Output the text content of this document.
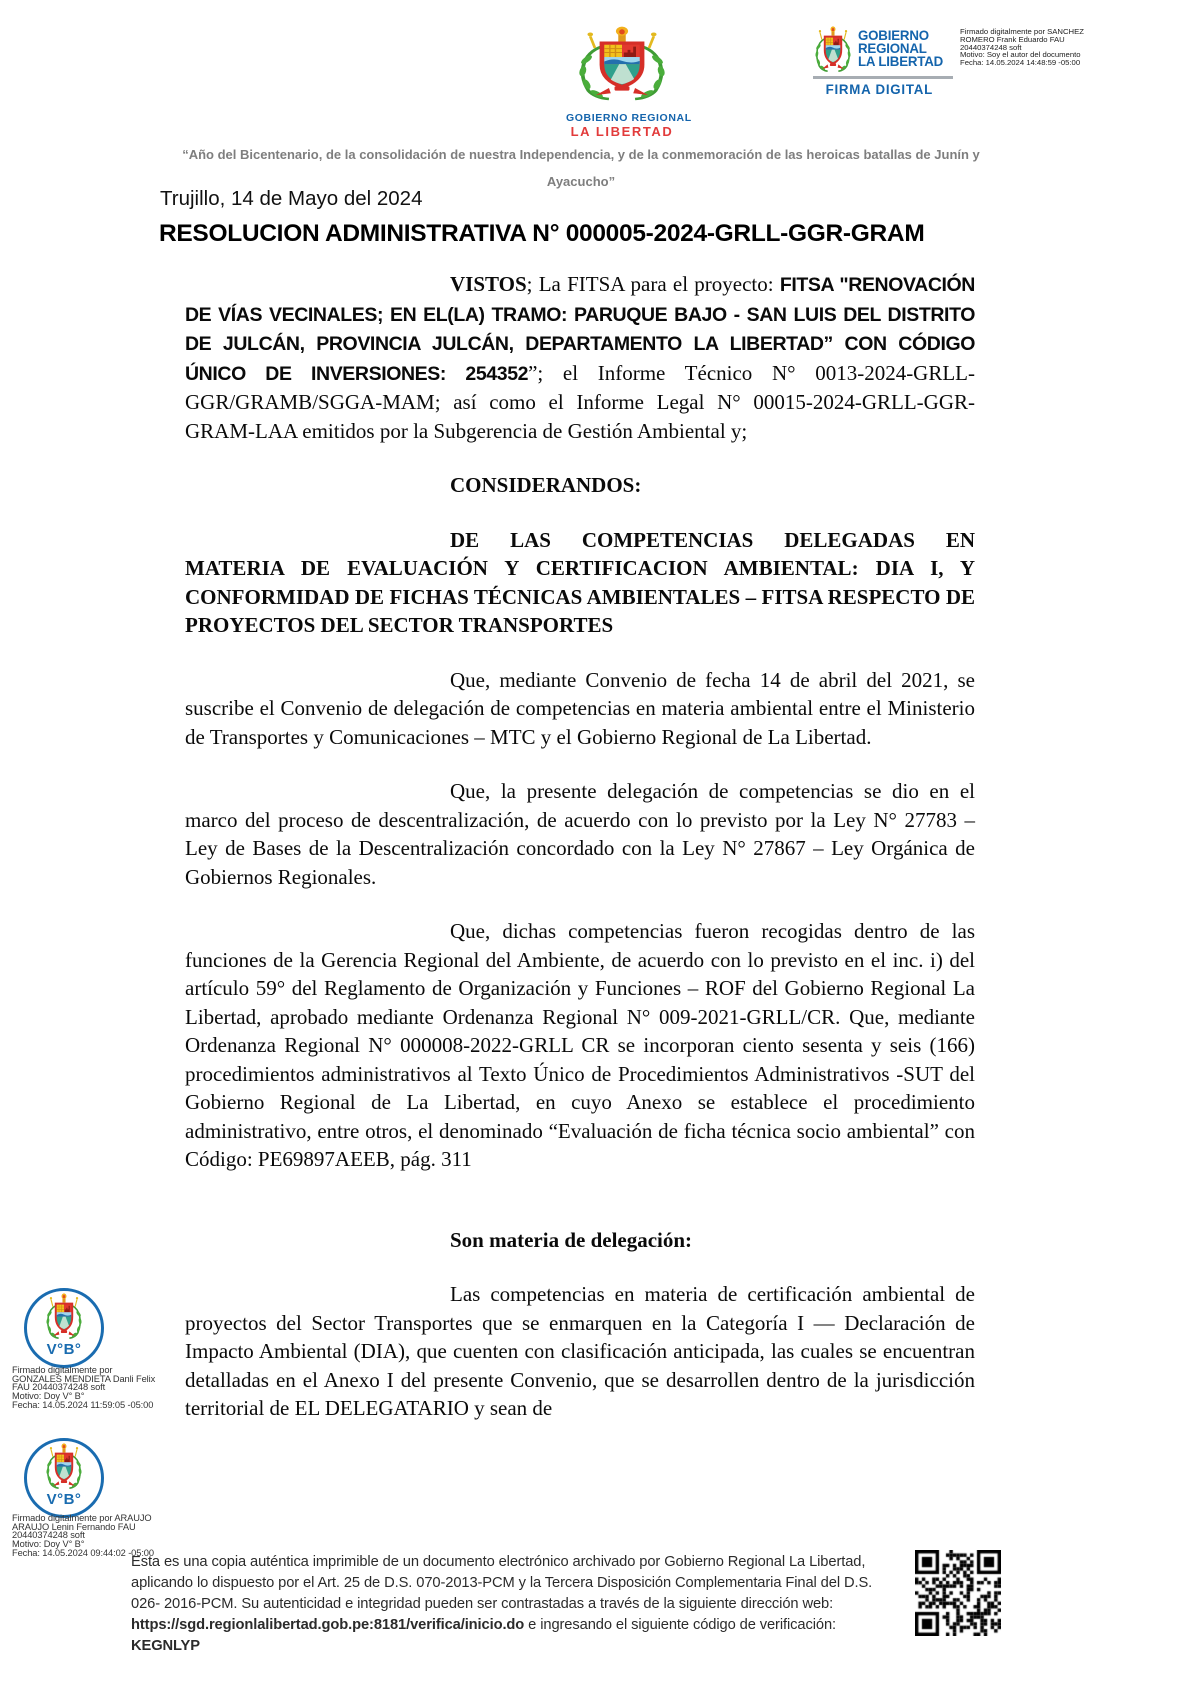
GOBIERNO REGIONAL
LA LIBERTAD
GOBIERNO
REGIONAL
LA LIBERTAD
FIRMA DIGITAL
Firmado digitalmente por SANCHEZ
ROMERO Frank Eduardo FAU
20440374248 soft
Motivo: Soy el autor del documento
Fecha: 14.05.2024 14:48:59 -05:00
“Año del Bicentenario, de la consolidación de nuestra Independencia, y de la conmemoración de las heroicas batallas de Junín y
Ayacucho”
Trujillo, 14 de Mayo del 2024
RESOLUCION ADMINISTRATIVA N° 000005-2024-GRLL-GGR-GRAM

VISTOS; La FITSA para el proyecto: FITSA "RENOVACIÓN DE VÍAS VECINALES; EN EL(LA) TRAMO: PARUQUE BAJO - SAN LUIS DEL DISTRITO DE JULCÁN, PROVINCIA JULCÁN, DEPARTAMENTO LA LIBERTAD” CON CÓDIGO ÚNICO DE INVERSIONES: 254352”; el Informe Técnico N° 0013-2024-GRLL-GGR/GRAMB/SGGA-MAM; así como el Informe Legal N° 00015-2024-GRLL-GGR-GRAM-LAA emitidos por la Subgerencia de Gestión Ambiental y;

CONSIDERANDOS:

DE LAS COMPETENCIAS DELEGADAS EN MATERIA DE EVALUACIÓN Y CERTIFICACION AMBIENTAL: DIA I, Y CONFORMIDAD DE FICHAS TÉCNICAS AMBIENTALES – FITSA RESPECTO DE PROYECTOS DEL SECTOR TRANSPORTES

Que, mediante Convenio de fecha 14 de abril del 2021, se suscribe el Convenio de delegación de competencias en materia ambiental entre el Ministerio de Transportes y Comunicaciones – MTC y el Gobierno Regional de La Libertad.

Que, la presente delegación de competencias se dio en el marco del proceso de descentralización, de acuerdo con lo previsto por la Ley N° 27783 – Ley de Bases de la Descentralización concordado con la Ley N° 27867 – Ley Orgánica de Gobiernos Regionales.

Que, dichas competencias fueron recogidas dentro de las funciones de la Gerencia Regional del Ambiente, de acuerdo con lo previsto en el inc. i) del artículo 59° del Reglamento de Organización y Funciones – ROF del Gobierno Regional La Libertad, aprobado mediante Ordenanza Regional N° 009-2021-GRLL/CR. Que, mediante Ordenanza Regional N° 000008-2022-GRLL CR se incorporan ciento sesenta y seis (166) procedimientos administrativos al Texto Único de Procedimientos Administrativos -SUT del Gobierno Regional de La Libertad, en cuyo Anexo se establece el procedimiento administrativo, entre otros, el denominado “Evaluación de ficha técnica socio ambiental” con Código: PE69897AEEB, pág. 311

Son materia de delegación:

Las competencias en materia de certificación ambiental de proyectos del Sector Transportes que se enmarquen en la Categoría I — Declaración de Impacto Ambiental (DIA), que cuenten con clasificación anticipada, las cuales se encuentran detalladas en el Anexo I del presente Convenio, que se desarrollen dentro de la jurisdicción territorial de EL DELEGATARIO y sean de

V°B°
Firmado digitalmente por
GONZALES MENDIETA Danli Felix
FAU 20440374248 soft
Motivo: Doy V° B°
Fecha: 14.05.2024 11:59:05 -05:00
V°B°
Firmado digitalmente por ARAUJO
ARAUJO Lenin Fernando FAU
20440374248 soft
Motivo: Doy V° B°
Fecha: 14.05.2024 09:44:02 -05:00
Esta es una copia auténtica imprimible de un documento electrónico archivado por Gobierno Regional La Libertad,
aplicando lo dispuesto por el Art. 25 de D.S. 070-2013-PCM y la Tercera Disposición Complementaria Final del D.S.
026- 2016-PCM. Su autenticidad e integridad pueden ser contrastadas a través de la siguiente dirección web:
https://sgd.regionlalibertad.gob.pe:8181/verifica/inicio.do e ingresando el siguiente código de verificación:
KEGNLYP
